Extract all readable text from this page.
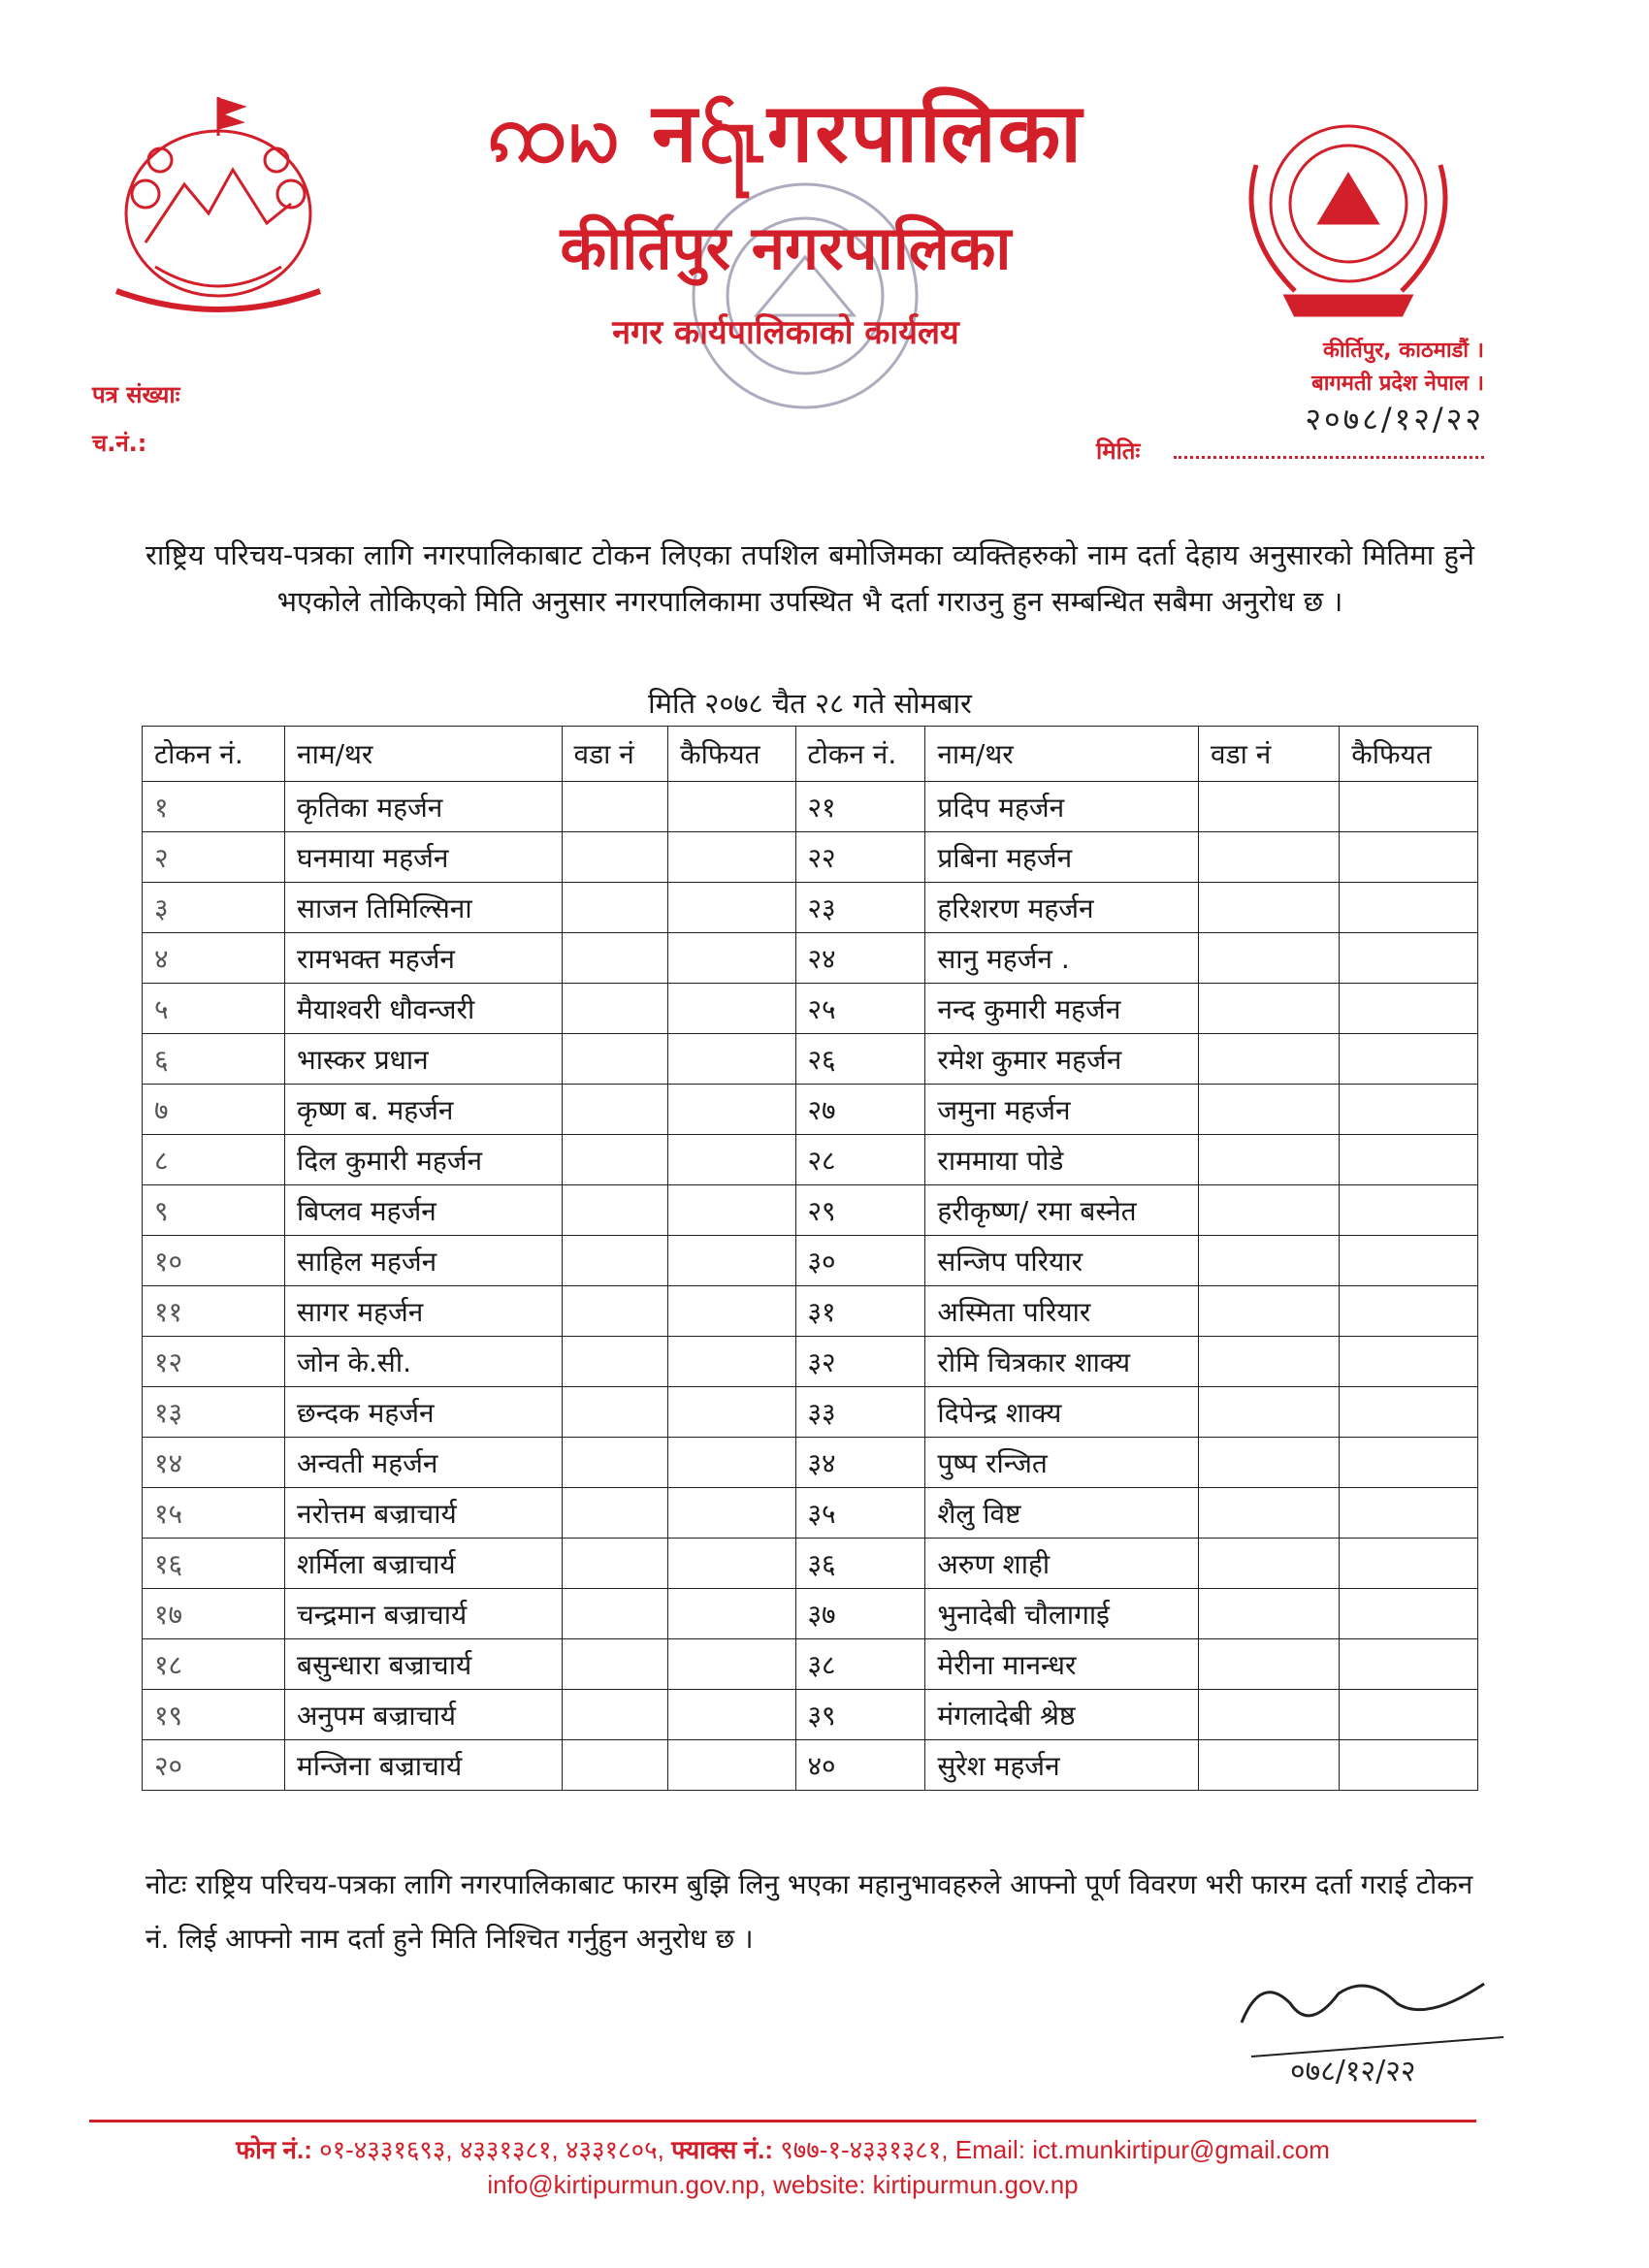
ꩡꩢ न꩷गरपालिका
कीर्तिपुर नगरपालिका
नगर कार्यपालिकाको कार्यलय	कीर्तिपुर, काठमाडौं ।
बागमती प्रदेश नेपाल ।
२०७८/१२/२२
पत्र संख्याः
च.नं.:	मितिः
राष्ट्रिय परिचय-पत्रका लागि नगरपालिकाबाट टोकन लिएका तपशिल बमोजिमका व्यक्तिहरुको नाम दर्ता देहाय अनुसारको मितिमा हुने भएकोले तोकिएको मिति अनुसार नगरपालिकामा उपस्थित भै दर्ता गराउनु हुन सम्बन्धित सबैमा अनुरोध छ ।
मिति २०७८ चैत २८ गते सोमबार
टोकन नं.	नाम/थर	वडा नं	कैफियत	टोकन नं.	नाम/थर	वडा नं	कैफियत
१	कृतिका महर्जन			२१	प्रदिप महर्जन		
२	घनमाया महर्जन			२२	प्रबिना महर्जन		
३	साजन तिमिल्सिना			२३	हरिशरण महर्जन		
४	रामभक्त महर्जन			२४	सानु महर्जन .		
५	मैयाश्वरी धौवन्जरी			२५	नन्द कुमारी महर्जन		
६	भास्कर प्रधान			२६	रमेश कुमार महर्जन		
७	कृष्ण ब. महर्जन			२७	जमुना महर्जन		
८	दिल कुमारी महर्जन			२८	राममाया पोडे		
९	बिप्लव महर्जन			२९	हरीकृष्ण/ रमा बस्नेत		
१०	साहिल महर्जन			३०	सन्जिप परियार		
११	सागर महर्जन			३१	अस्मिता परियार		
१२	जोन के.सी.			३२	रोमि चित्रकार शाक्य		
१३	छन्दक महर्जन			३३	दिपेन्द्र शाक्य		
१४	अन्वती महर्जन			३४	पुष्प रन्जित		
१५	नरोत्तम बज्राचार्य			३५	शैलु विष्ट		
१६	शर्मिला बज्राचार्य			३६	अरुण शाही		
१७	चन्द्रमान बज्राचार्य			३७	भुनादेबी चौलागाई		
१८	बसुन्धारा बज्राचार्य			३८	मेरीना मानन्धर		
१९	अनुपम बज्राचार्य			३९	मंगलादेबी श्रेष्ठ		
२०	मन्जिना बज्राचार्य			४०	सुरेश महर्जन		
नोटः राष्ट्रिय परिचय-पत्रका लागि नगरपालिकाबाट फारम बुझि लिनु भएका महानुभावहरुले आफ्नो पूर्ण विवरण भरी फारम दर्ता गराई टोकन नं. लिई आफ्नो नाम दर्ता हुने मिति निश्चित गर्नुहुन अनुरोध छ ।
०७८/१२/२२
फोन नं.: ०१-४३३१६९३, ४३३१३८१, ४३३१८०५, फ्याक्स नं.: ९७७-१-४३३१३८१, Email: ict.munkirtipur@gmail.com
info@kirtipurmun.gov.np, website: kirtipurmun.gov.np
